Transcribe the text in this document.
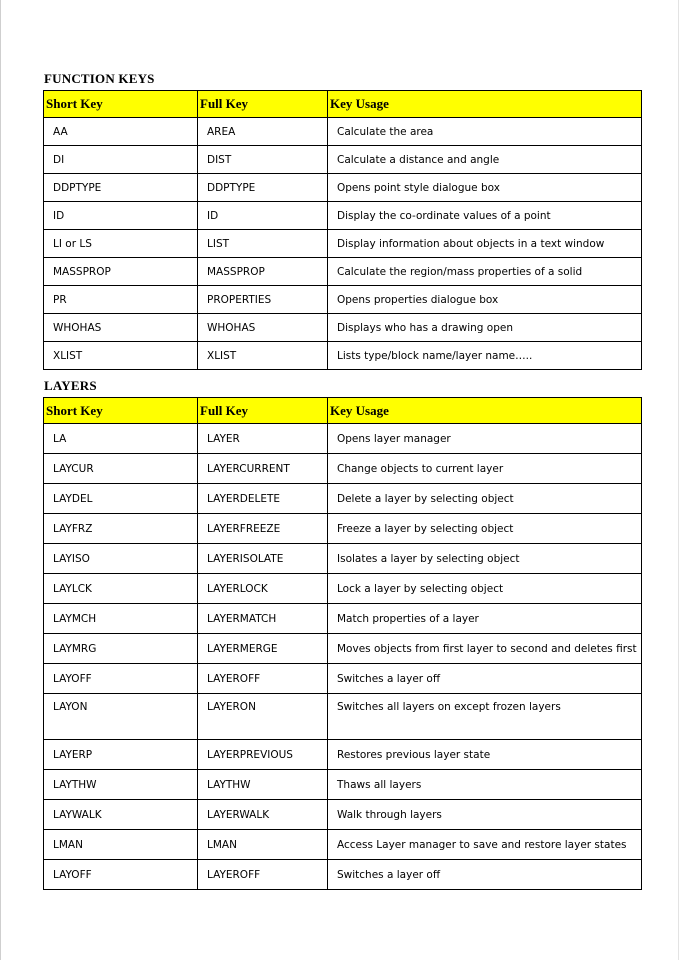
FUNCTION KEYS
Short Key	Full Key	Key Usage
AA	AREA	Calculate the area
DI	DIST	Calculate a distance and angle
DDPTYPE	DDPTYPE	Opens point style dialogue box
ID	ID	Display the co-ordinate values of a point
LI or LS	LIST	Display information about objects in a text window
MASSPROP	MASSPROP	Calculate the region/mass properties of a solid
PR	PROPERTIES	Opens properties dialogue box
WHOHAS	WHOHAS	Displays who has a drawing open
XLIST	XLIST	Lists type/block name/layer name…..
LAYERS
Short Key	Full Key	Key Usage
LA	LAYER	Opens layer manager
LAYCUR	LAYERCURRENT	Change objects to current layer
LAYDEL	LAYERDELETE	Delete a layer by selecting object
LAYFRZ	LAYERFREEZE	Freeze a layer by selecting object
LAYISO	LAYERISOLATE	Isolates a layer by selecting object
LAYLCK	LAYERLOCK	Lock a layer by selecting object
LAYMCH	LAYERMATCH	Match properties of a layer
LAYMRG	LAYERMERGE	Moves objects from first layer to second and deletes first
LAYOFF	LAYEROFF	Switches a layer off
LAYON	LAYERON	Switches all layers on except frozen layers
LAYERP	LAYERPREVIOUS	Restores previous layer state
LAYTHW	LAYTHW	Thaws all layers
LAYWALK	LAYERWALK	Walk through layers
LMAN	LMAN	Access Layer manager to save and restore layer states
LAYOFF	LAYEROFF	Switches a layer off
